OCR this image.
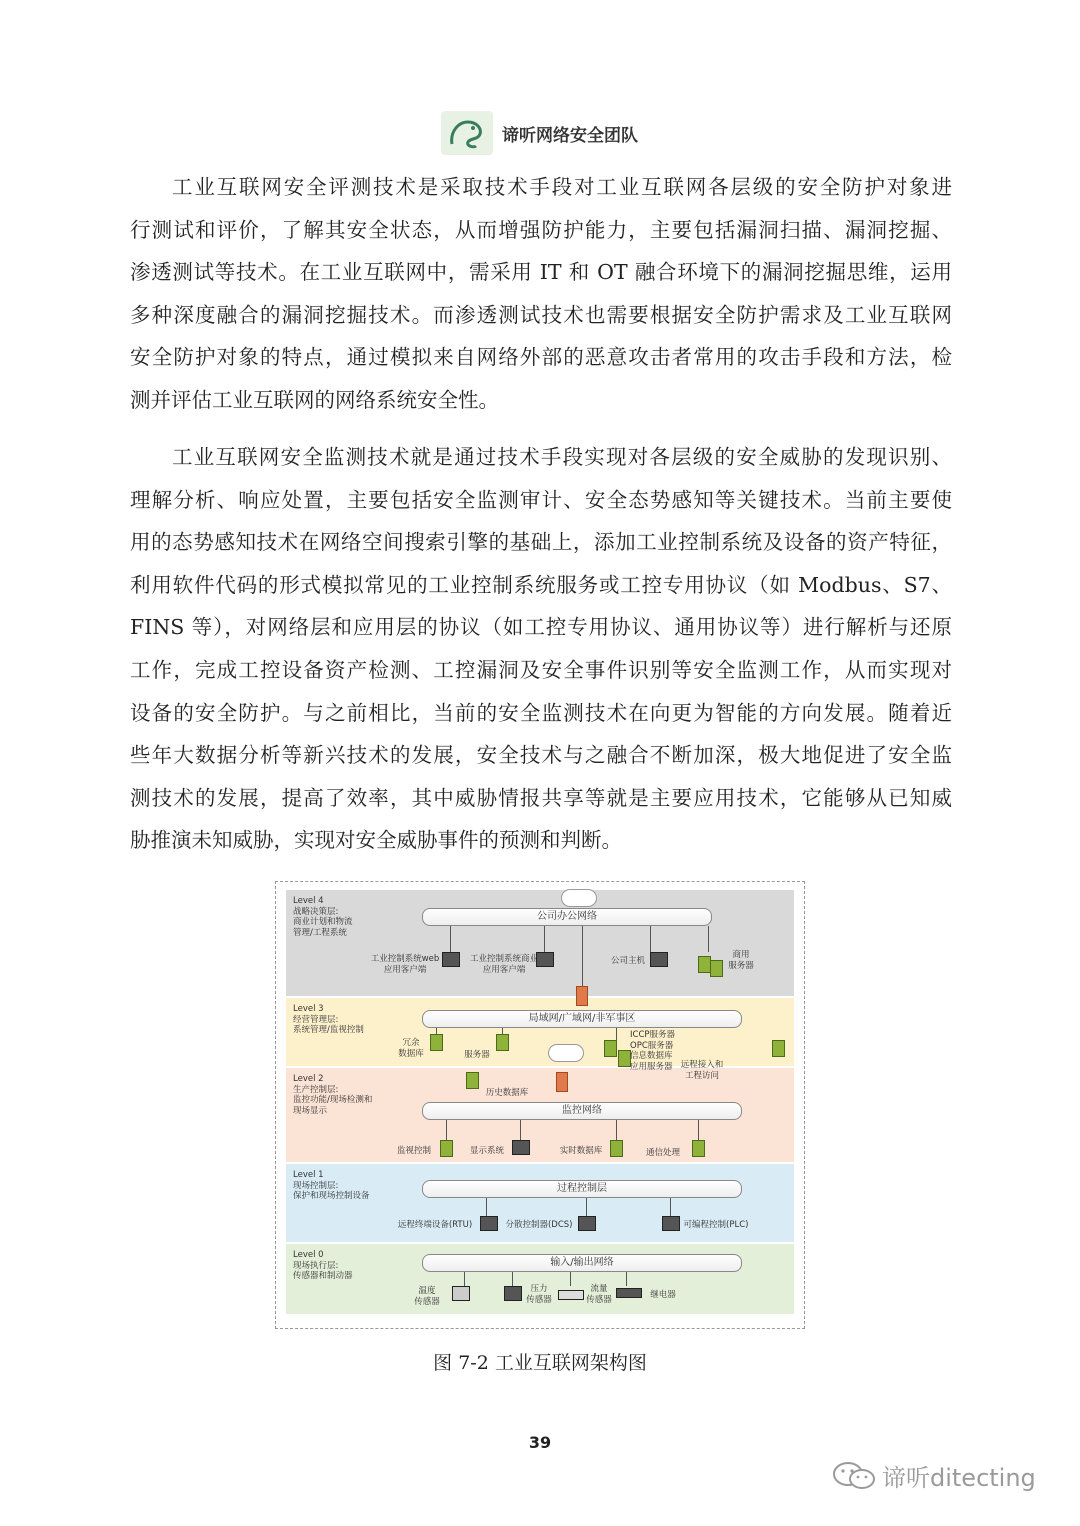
谛听网络安全团队
工业互联网安全评测技术是采取技术手段对工业互联网各层级的安全防护对象进
行测试和评价，了解其安全状态，从而增强防护能力，主要包括漏洞扫描、漏洞挖掘、
渗透测试等技术。在工业互联网中，需采用 IT 和 OT 融合环境下的漏洞挖掘思维，运用
多种深度融合的漏洞挖掘技术。而渗透测试技术也需要根据安全防护需求及工业互联网
安全防护对象的特点，通过模拟来自网络外部的恶意攻击者常用的攻击手段和方法，检
测并评估工业互联网的网络系统安全性。
工业互联网安全监测技术就是通过技术手段实现对各层级的安全威胁的发现识别、
理解分析、响应处置，主要包括安全监测审计、安全态势感知等关键技术。当前主要使
用的态势感知技术在网络空间搜索引擎的基础上，添加工业控制系统及设备的资产特征，
利用软件代码的形式模拟常见的工业控制系统服务或工控专用协议（如 Modbus、S7、
FINS 等），对网络层和应用层的协议（如工控专用协议、通用协议等）进行解析与还原
工作，完成工控设备资产检测、工控漏洞及安全事件识别等安全监测工作，从而实现对
设备的安全防护。与之前相比，当前的安全监测技术在向更为智能的方向发展。随着近
些年大数据分析等新兴技术的发展，安全技术与之融合不断加深，极大地促进了安全监
测技术的发展，提高了效率，其中威胁情报共享等就是主要应用技术，它能够从已知威
胁推演未知威胁，实现对安全威胁事件的预测和判断。
Level 4
战略决策层:
商业计划和物流
管理/工程系统
Level 3
经营管理层:
系统管理/监视控制
Level 2
生产控制层:
监控功能/现场检测和
现场显示
Level 1
现场控制层:
保护和现场控制设备
Level 0
现场执行层:
传感器和制动器
公司办公网络
工业控制系统web
应用客户端
工业控制系统商业
应用客户端
公司主机
商用
服务器
局域网/广域网/非军事区
冗余
数据库	服务器
ICCP服务器
OPC服务器
信息数据库
应用服务器 远程接入和
工程访问
历史数据库
监控网络
监视控制	显示系统	实时数据库	通信处理
过程控制层
远程终端设备(RTU)	分散控制器(DCS)	可编程控制(PLC)
输入/输出网络
温度
传感器
压力
传感器
流量
传感器	继电器
图 7-2 工业互联网架构图
39
谛听ditecting
